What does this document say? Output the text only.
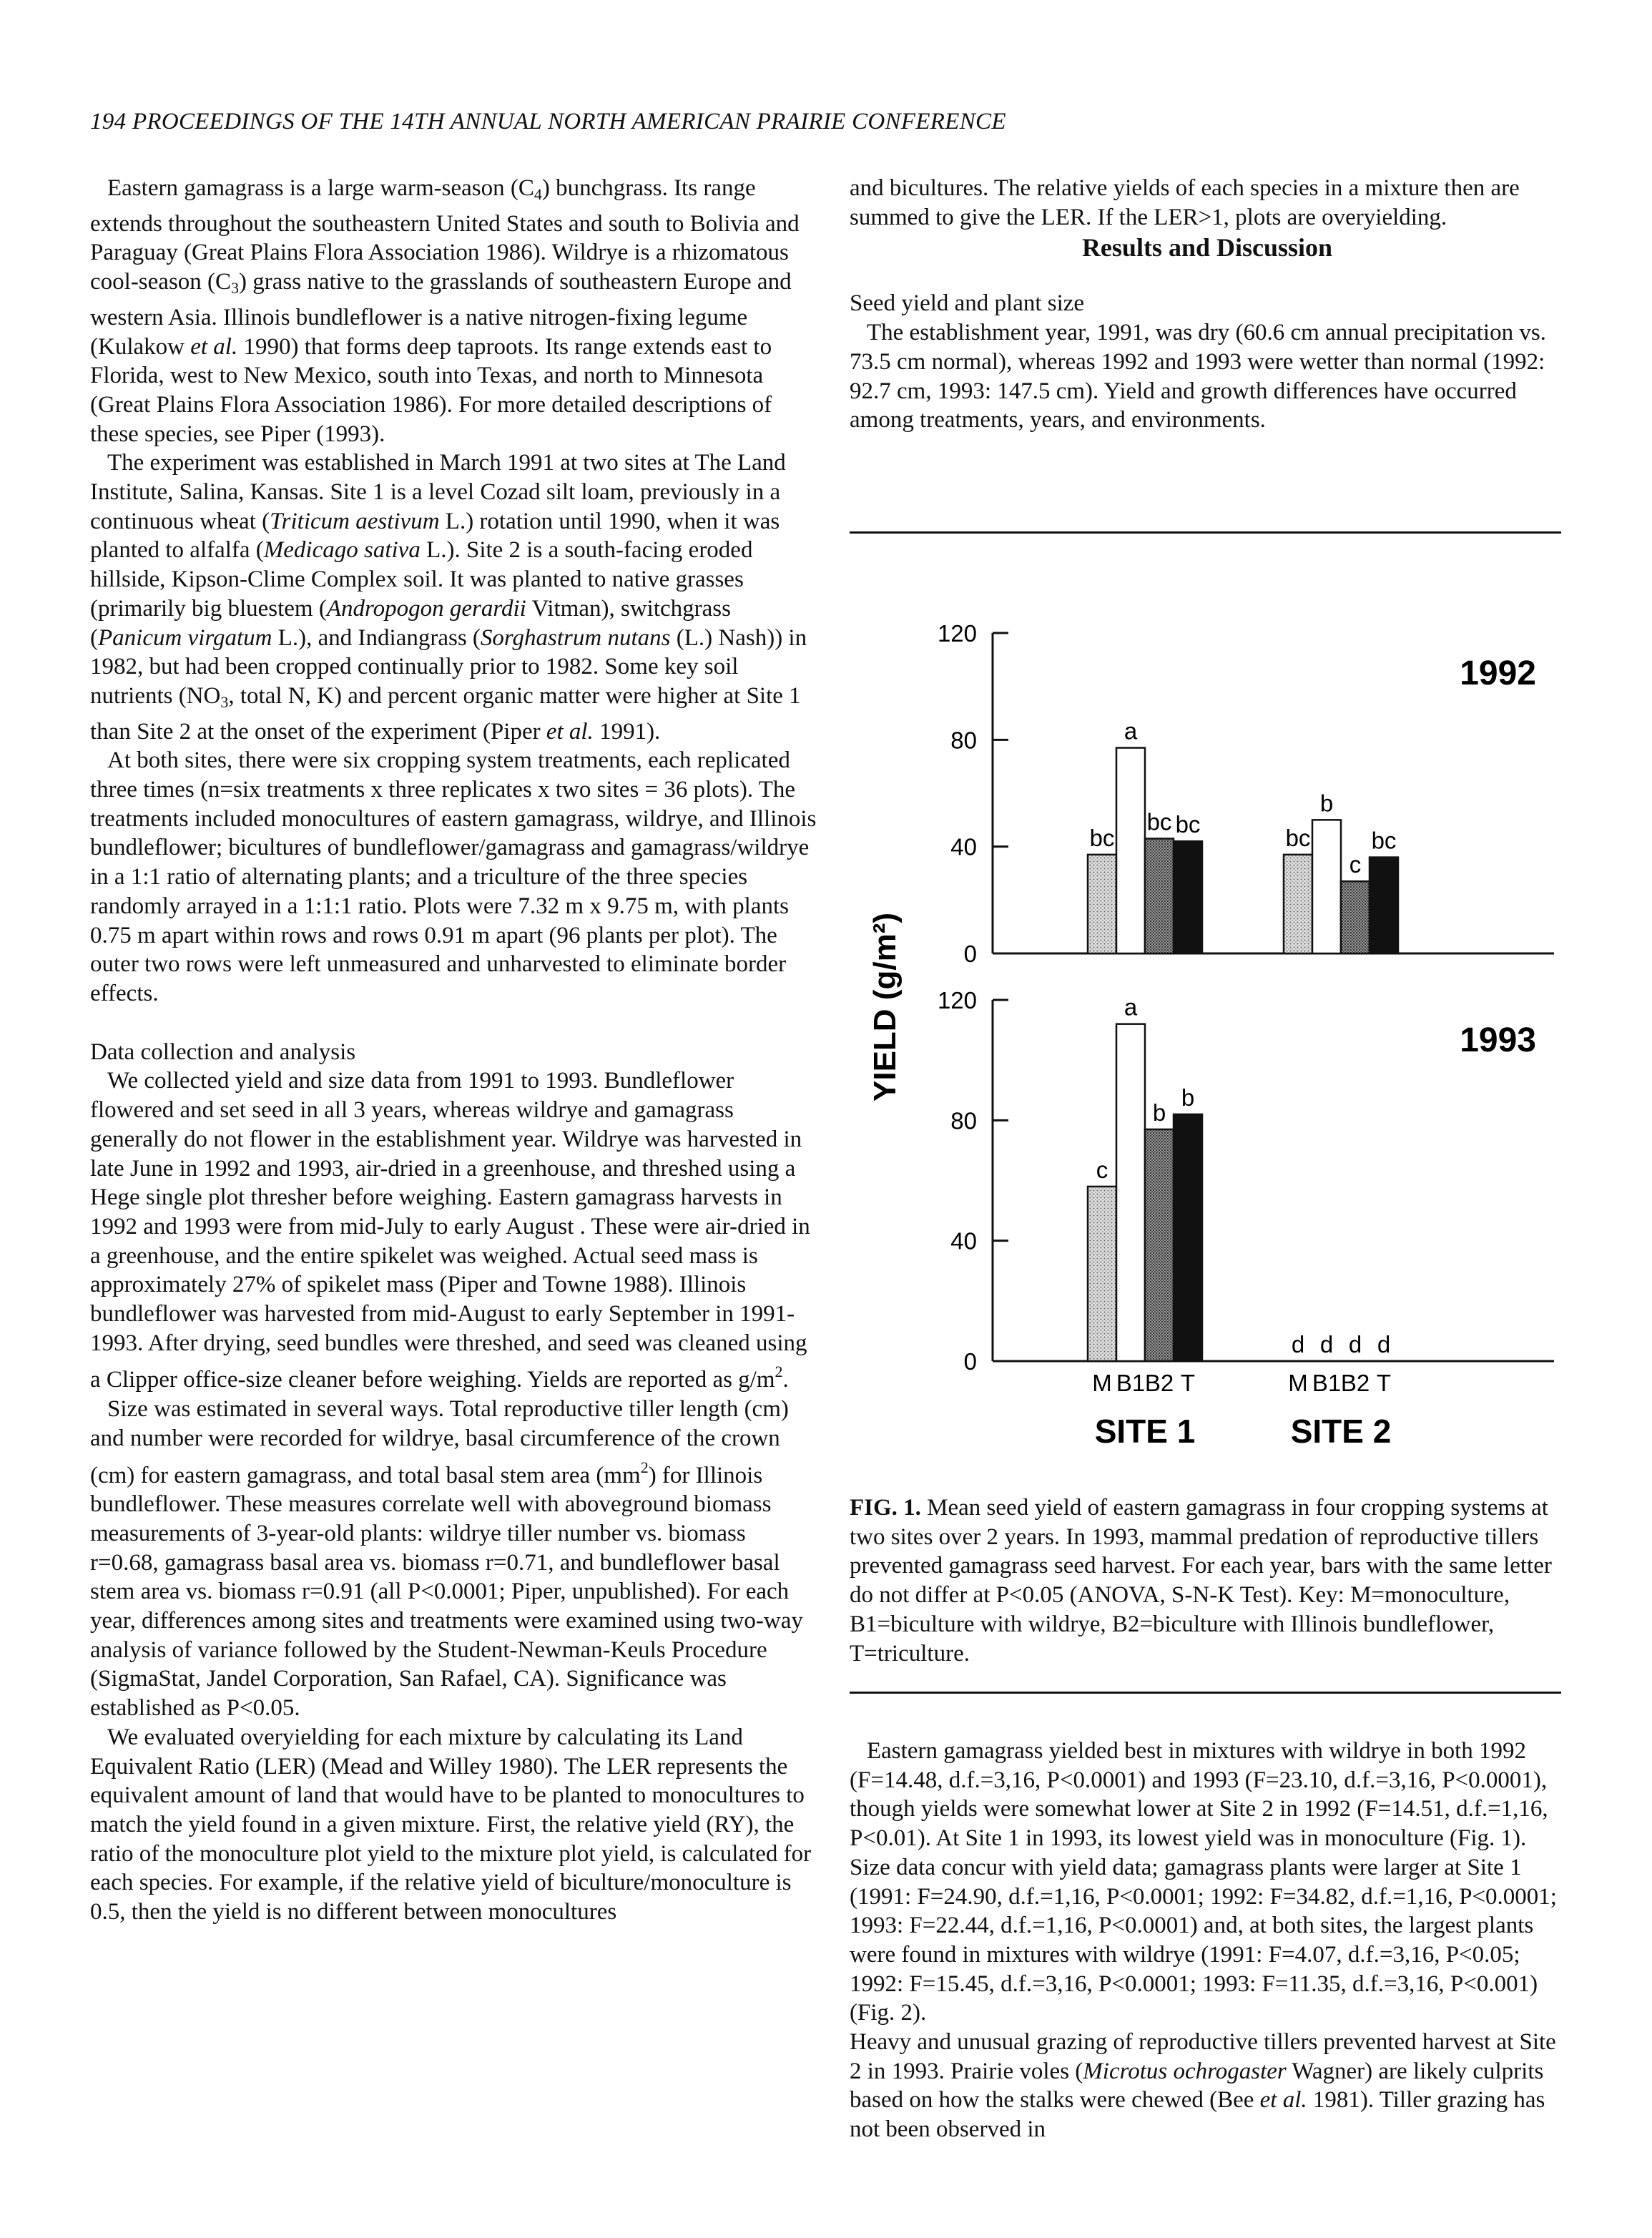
194 PROCEEDINGS OF THE 14TH ANNUAL NORTH AMERICAN PRAIRIE CONFERENCE

Eastern gamagrass is a large warm-season $(C_4)$ bunchgrass. Its range extends throughout the southeastern United States and south to Bolivia and Paraguay (Great Plains Flora Association 1986). Wildrye is a rhizomatous cool-season $(C_3)$ grass native to the grasslands of southeastern Europe and western Asia. Illinois bundleflower is a native nitrogen-fixing legume (Kulakow et al. 1990) that forms deep taproots. Its range extends east to Florida, west to New Mexico, south into Texas, and north to Minnesota (Great Plains Flora Association 1986). For more detailed descriptions of these species, see Piper (1993).

The experiment was established in March 1991 at two sites at The Land Institute, Salina, Kansas. Site 1 is a level Cozad silt loam, previously in a continuous wheat (Triticum aestivum L.) rotation until 1990, when it was planted to alfalfa (Medicago sativa L.). Site 2 is a south-facing eroded hillside, Kipson-Clime Complex soil. It was planted to native grasses (primarily big bluestem (Andropogon gerardii Vitman), switchgrass (Panicum virgatum L.), and Indiangrass (Sorghastrum nutans (L.) Nash)) in 1982, but had been cropped continually prior to 1982. Some key soil nutrients ($NO_3$, total N, K) and percent organic matter were higher at Site 1 than Site 2 at the onset of the experiment (Piper et al. 1991).

At both sites, there were six cropping system treatments, each replicated three times (n=six treatments x three replicates x two sites = 36 plots). The treatments included monocultures of eastern gamagrass, wildrye, and Illinois bundleflower; bicultures of bundleflower/gamagrass and gamagrass/wildrye in a 1:1 ratio of alternating plants; and a triculture of the three species randomly arrayed in a 1:1:1 ratio. Plots were 7.32 m x 9.75 m, with plants 0.75 m apart within rows and rows 0.91 m apart (96 plants per plot). The outer two rows were left unmeasured and unharvested to eliminate border effects.

Data collection and analysis

We collected yield and size data from 1991 to 1993. Bundleflower flowered and set seed in all 3 years, whereas wildrye and gamagrass generally do not flower in the establishment year. Wildrye was harvested in late June in 1992 and 1993, air-dried in a greenhouse, and threshed using a Hege single plot thresher before weighing. Eastern gamagrass harvests in 1992 and 1993 were from mid-July to early August . These were air-dried in a greenhouse, and the entire spikelet was weighed. Actual seed mass is approximately 27% of spikelet mass (Piper and Towne 1988). Illinois bundleflower was harvested from mid-August to early September in 1991-1993. After drying, seed bundles were threshed, and seed was cleaned using a Clipper office-size cleaner before weighing. Yields are reported as $g/m^2$.

Size was estimated in several ways. Total reproductive tiller length (cm) and number were recorded for wildrye, basal circumference of the crown (cm) for eastern gamagrass, and total basal stem area $(mm^2)$ for Illinois bundleflower. These measures correlate well with aboveground biomass measurements of 3-year-old plants: wildrye tiller number vs. biomass r=0.68, gamagrass basal area vs. biomass r=0.71, and bundleflower basal stem area vs. biomass r=0.91 (all P<0.0001; Piper, unpublished). For each year, differences among sites and treatments were examined using two-way analysis of variance followed by the Student-Newman-Keuls Procedure (SigmaStat, Jandel Corporation, San Rafael, CA). Significance was established as P<0.05.

We evaluated overyielding for each mixture by calculating its Land Equivalent Ratio (LER) (Mead and Willey 1980). The LER represents the equivalent amount of land that would have to be planted to monocultures to match the yield found in a given mixture. First, the relative yield (RY), the ratio of the monoculture plot yield to the mixture plot yield, is calculated for each species. For example, if the relative yield of biculture/monoculture is 0.5, then the yield is no different between monocultures

and bicultures. The relative yields of each species in a mixture then are summed to give the LER. If the LER>1, plots are overyielding.

Results and Discussion

Seed yield and plant size

The establishment year, 1991, was dry (60.6 cm annual precipitation vs. 73.5 cm normal), whereas 1992 and 1993 were wetter than normal (1992: 92.7 cm, 1993: 147.5 cm). Yield and growth differences have occurred among treatments, years, and environments.

120
80
40
0
1992
bc
a
bc bc
bc
b
c
bc
120
80
40
0
1993
c
a
b
b
d d d d
M B1 B2 T
SITE 1
M B1 B2 T
SITE 2
YIELD (g/m²)
FIG. 1. Mean seed yield of eastern gamagrass in four cropping systems at two sites over 2 years. In 1993, mammal predation of reproductive tillers prevented gamagrass seed harvest. For each year, bars with the same letter do not differ at P<0.05 (ANOVA, S-N-K Test). Key: M=monoculture, B1=biculture with wildrye, B2=biculture with Illinois bundleflower, T=triculture.

Eastern gamagrass yielded best in mixtures with wildrye in both 1992 (F=14.48, d.f.=3,16, P<0.0001) and 1993 (F=23.10, d.f.=3,16, P<0.0001), though yields were somewhat lower at Site 2 in 1992 (F=14.51, d.f.=1,16, P<0.01). At Site 1 in 1993, its lowest yield was in monoculture (Fig. 1). Size data concur with yield data; gamagrass plants were larger at Site 1 (1991: F=24.90, d.f.=1,16, P<0.0001; 1992: F=34.82, d.f.=1,16, P<0.0001; 1993: F=22.44, d.f.=1,16, P<0.0001) and, at both sites, the largest plants were found in mixtures with wildrye (1991: F=4.07, d.f.=3,16, P<0.05; 1992: F=15.45, d.f.=3,16, P<0.0001; 1993: F=11.35, d.f.=3,16, P<0.001) (Fig. 2).

Heavy and unusual grazing of reproductive tillers prevented harvest at Site 2 in 1993. Prairie voles (Microtus ochrogaster Wagner) are likely culprits based on how the stalks were chewed (Bee et al. 1981). Tiller grazing has not been observed in
